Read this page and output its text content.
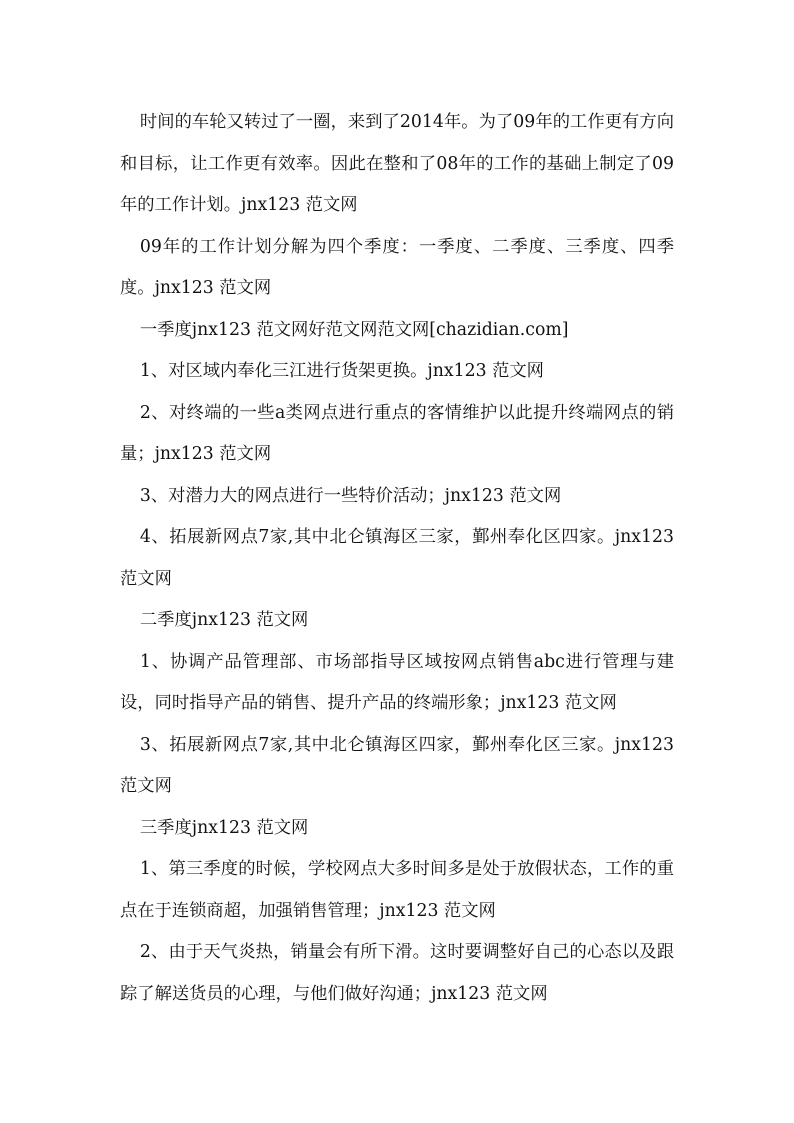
时间的车轮又转过了一圈，来到了2014年。为了09年的工作更有方向和目标，让工作更有效率。因此在整和了08年的工作的基础上制定了09年的工作计划。jnx123 范文网

09年的工作计划分解为四个季度：一季度、二季度、三季度、四季度。jnx123 范文网

一季度jnx123 范文网好范文网范文网[chazidian.com]

1、对区域内奉化三江进行货架更换。jnx123 范文网

2、对终端的一些a类网点进行重点的客情维护以此提升终端网点的销量；jnx123 范文网

3、对潜力大的网点进行一些特价活动；jnx123 范文网

4、拓展新网点7家,其中北仑镇海区三家，鄞州奉化区四家。jnx123 范文网

二季度jnx123 范文网

1、协调产品管理部、市场部指导区域按网点销售abc进行管理与建设，同时指导产品的销售、提升产品的终端形象；jnx123 范文网

3、拓展新网点7家,其中北仑镇海区四家，鄞州奉化区三家。jnx123 范文网

三季度jnx123 范文网

1、第三季度的时候，学校网点大多时间多是处于放假状态，工作的重点在于连锁商超，加强销售管理；jnx123 范文网

2、由于天气炎热，销量会有所下滑。这时要调整好自己的心态以及跟踪了解送货员的心理，与他们做好沟通；jnx123 范文网
